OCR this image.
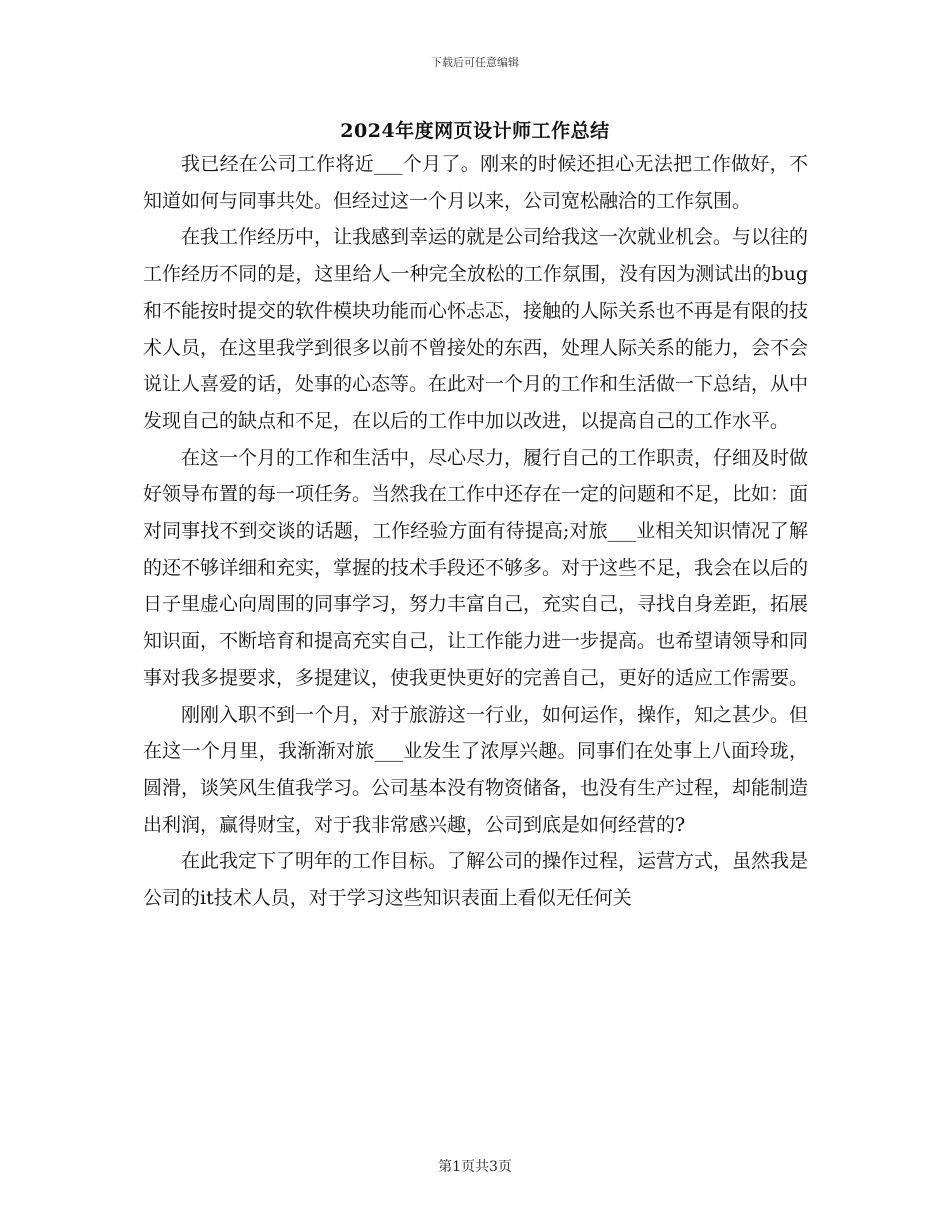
下载后可任意编辑
2024年度网页设计师工作总结

我已经在公司工作将近___个月了。刚来的时候还担心无法把工作做好，不知道如何与同事共处。但经过这一个月以来，公司宽松融洽的工作氛围。

在我工作经历中，让我感到幸运的就是公司给我这一次就业机会。与以往的工作经历不同的是，这里给人一种完全放松的工作氛围，没有因为测试出的bug和不能按时提交的软件模块功能而心怀忐忑，接触的人际关系也不再是有限的技术人员，在这里我学到很多以前不曾接处的东西，处理人际关系的能力，会不会说让人喜爱的话，处事的心态等。在此对一个月的工作和生活做一下总结，从中发现自己的缺点和不足，在以后的工作中加以改进，以提高自己的工作水平。

在这一个月的工作和生活中，尽心尽力，履行自己的工作职责，仔细及时做好领导布置的每一项任务。当然我在工作中还存在一定的问题和不足，比如：面对同事找不到交谈的话题，工作经验方面有待提高;对旅___业相关知识情况了解的还不够详细和充实，掌握的技术手段还不够多。对于这些不足，我会在以后的日子里虚心向周围的同事学习，努力丰富自己，充实自己，寻找自身差距，拓展知识面，不断培育和提高充实自己，让工作能力进一步提高。也希望请领导和同事对我多提要求，多提建议，使我更快更好的完善自己，更好的适应工作需要。

刚刚入职不到一个月，对于旅游这一行业，如何运作，操作，知之甚少。但在这一个月里，我渐渐对旅___业发生了浓厚兴趣。同事们在处事上八面玲珑，圆滑，谈笑风生值我学习。公司基本没有物资储备，也没有生产过程，却能制造出利润，赢得财宝，对于我非常感兴趣，公司到底是如何经营的?

在此我定下了明年的工作目标。了解公司的操作过程，运营方式，虽然我是公司的it技术人员，对于学习这些知识表面上看似无任何关

第1页共3页
